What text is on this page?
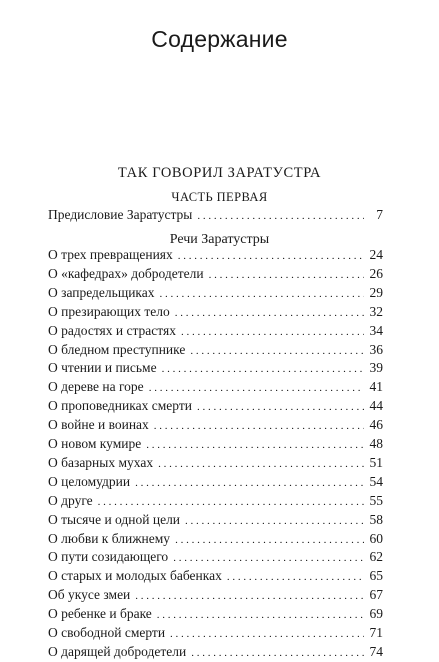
Содержание
ТАК ГОВОРИЛ ЗАРАТУСТРА
ЧАСТЬ ПЕРВАЯ
Предисловие Заратустры . . .	7
Речи Заратустры
О трех превращениях . . .	24
О «кафедрах» добродетели . . .	26
О запредельщиках . . .	29
О презирающих тело . . .	32
О радостях и страстях . . .	34
О бледном преступнике . . .	36
О чтении и письме . . .	39
О дереве на горе . . .	41
О проповедниках смерти . . .	44
О войне и воинах . . .	46
О новом кумире . . .	48
О базарных мухах . . .	51
О целомудрии . . .	54
О друге . . .	55
О тысяче и одной цели . . .	58
О любви к ближнему . . .	60
О пути созидающего . . .	62
О старых и молодых бабенках . . .	65
Об укусе змеи . . .	67
О ребенке и браке . . .	69
О свободной смерти . . .	71
О дарящей добродетели . . .	74
